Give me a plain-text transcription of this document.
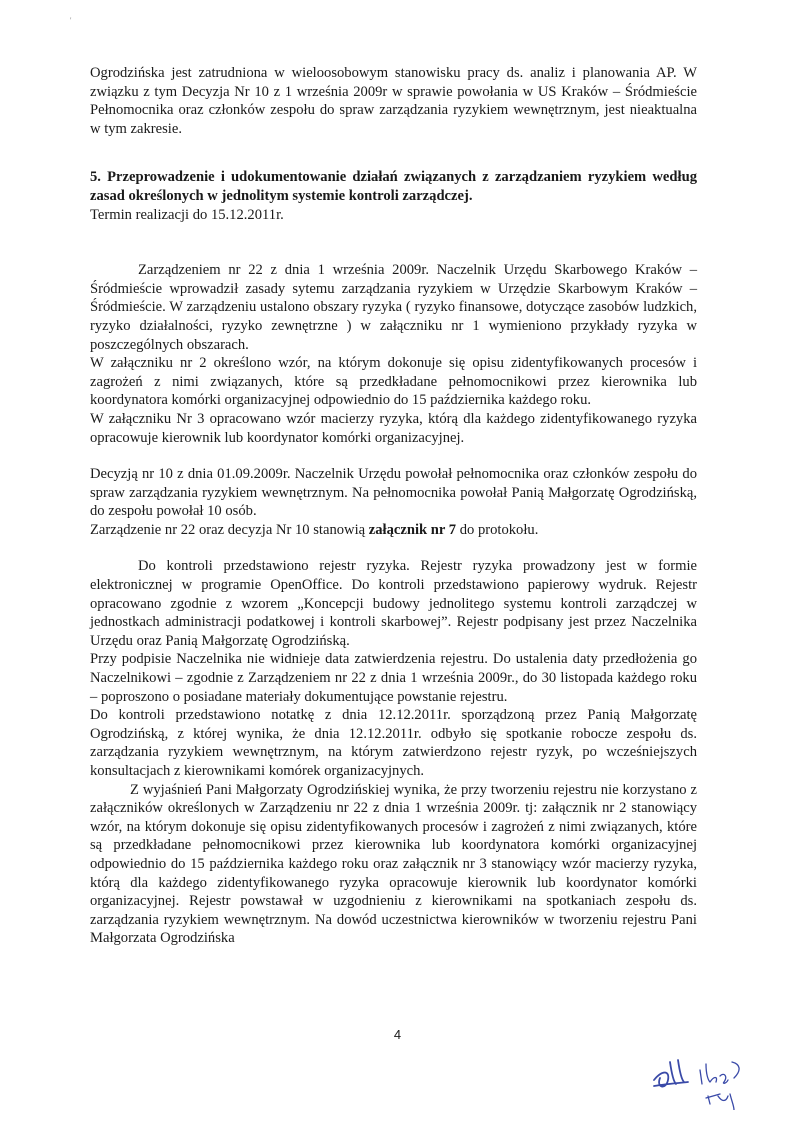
'

Ogrodzińska jest zatrudniona w wieloosobowym stanowisku pracy ds. analiz i planowania AP. W związku z tym Decyzja Nr 10 z 1 września 2009r w sprawie powołania w US Kraków – Śródmieście Pełnomocnika oraz członków zespołu do spraw zarządzania ryzykiem wewnętrznym, jest nieaktualna w tym zakresie.

5. Przeprowadzenie i udokumentowanie działań związanych z zarządzaniem ryzykiem według zasad określonych w jednolitym systemie kontroli zarządczej.

Termin realizacji do 15.12.2011r.

Zarządzeniem nr 22 z dnia 1 września 2009r. Naczelnik Urzędu Skarbowego Kraków – Śródmieście wprowadził zasady sytemu zarządzania ryzykiem w Urzędzie Skarbowym Kraków – Śródmieście. W zarządzeniu ustalono obszary ryzyka ( ryzyko finansowe, dotyczące zasobów ludzkich, ryzyko działalności, ryzyko zewnętrzne ) w załączniku nr 1 wymieniono przykłady ryzyka w poszczególnych obszarach.

W załączniku nr 2 określono wzór, na którym dokonuje się opisu zidentyfikowanych procesów i zagrożeń z nimi związanych, które są przedkładane pełnomocnikowi przez kierownika lub koordynatora komórki organizacyjnej odpowiednio do 15 października każdego roku.

W załączniku Nr 3 opracowano wzór macierzy ryzyka, którą dla każdego zidentyfikowanego ryzyka opracowuje kierownik lub koordynator komórki organizacyjnej.

Decyzją nr 10 z dnia 01.09.2009r. Naczelnik Urzędu powołał pełnomocnika oraz członków zespołu do spraw zarządzania ryzykiem wewnętrznym. Na pełnomocnika powołał Panią Małgorzatę Ogrodzińską, do zespołu powołał 10 osób.

Zarządzenie nr 22 oraz decyzja Nr 10 stanowią załącznik nr 7 do protokołu.

Do kontroli przedstawiono rejestr ryzyka. Rejestr ryzyka prowadzony jest w formie elektronicznej w programie OpenOffice. Do kontroli przedstawiono papierowy wydruk. Rejestr opracowano zgodnie z wzorem „Koncepcji budowy jednolitego systemu kontroli zarządczej w jednostkach administracji podatkowej i kontroli skarbowej”. Rejestr podpisany jest przez Naczelnika Urzędu oraz Panią Małgorzatę Ogrodzińską.

Przy podpisie Naczelnika nie widnieje data zatwierdzenia rejestru. Do ustalenia daty przedłożenia go Naczelnikowi – zgodnie z Zarządzeniem nr 22 z dnia 1 września 2009r., do 30 listopada każdego roku – poproszono o posiadane materiały dokumentujące powstanie rejestru.

Do kontroli przedstawiono notatkę z dnia 12.12.2011r. sporządzoną przez Panią Małgorzatę Ogrodzińską, z której wynika, że dnia 12.12.2011r. odbyło się spotkanie robocze zespołu ds. zarządzania ryzykiem wewnętrznym, na którym zatwierdzono rejestr ryzyk, po wcześniejszych konsultacjach z kierownikami komórek organizacyjnych.

Z wyjaśnień Pani Małgorzaty Ogrodzińskiej wynika, że przy tworzeniu rejestru nie korzystano z załączników określonych w Zarządzeniu nr 22 z dnia 1 września 2009r. tj: załącznik nr 2 stanowiący wzór, na którym dokonuje się opisu zidentyfikowanych procesów i zagrożeń z nimi związanych, które są przedkładane pełnomocnikowi przez kierownika lub koordynatora komórki organizacyjnej odpowiednio do 15 października każdego roku oraz załącznik nr 3 stanowiący wzór macierzy ryzyka, którą dla każdego zidentyfikowanego ryzyka opracowuje kierownik lub koordynator komórki organizacyjnej. Rejestr powstawał w uzgodnieniu z kierownikami na spotkaniach zespołu ds. zarządzania ryzykiem wewnętrznym. Na dowód uczestnictwa kierowników w tworzeniu rejestru Pani Małgorzata Ogrodzińska

4
